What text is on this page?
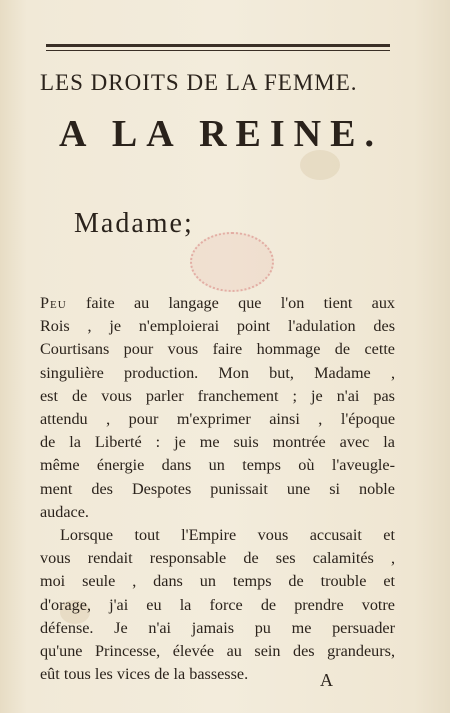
LES DROITS DE LA FEMME.
A LA REINE.
Madame;
Peu faite au langage que l'on tient aux
Rois , je n'emploierai point l'adulation des
Courtisans pour vous faire hommage de cette
singulière production. Mon but, Madame ,
est de vous parler franchement ; je n'ai pas
attendu , pour m'exprimer ainsi , l'époque
de la Liberté : je me suis montrée avec la
même énergie dans un temps où l'aveugle-
ment des Despotes punissait une si noble
audace.
Lorsque tout l'Empire vous accusait et
vous rendait responsable de ses calamités ,
moi seule , dans un temps de trouble et
d'orage, j'ai eu la force de prendre votre
défense. Je n'ai jamais pu me persuader
qu'une Princesse, élevée au sein des grandeurs,
eût tous les vices de la bassesse.	A
